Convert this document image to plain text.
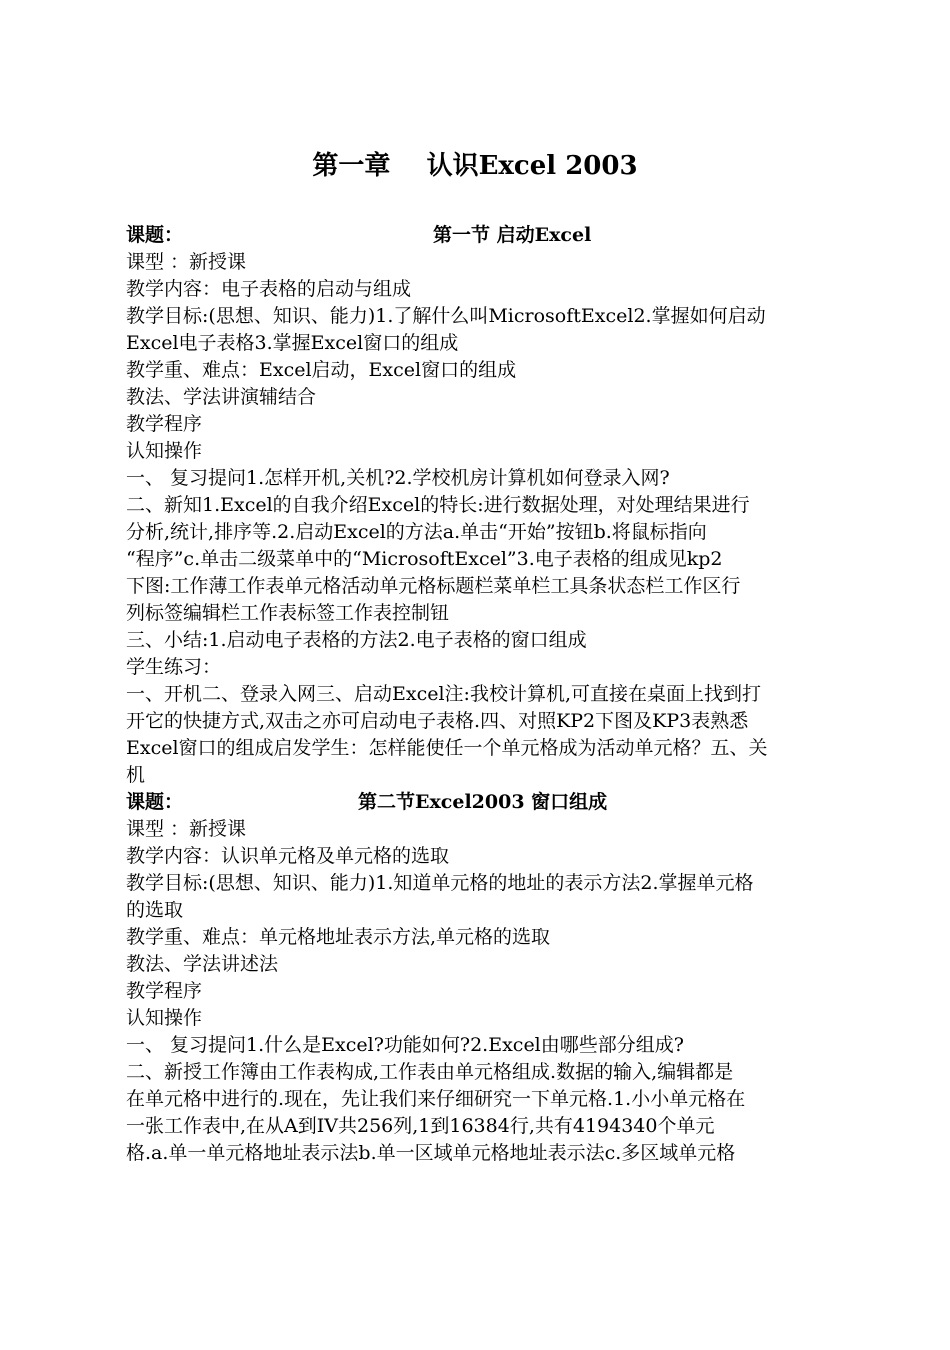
第一章    认识Excel 2003
课题：	第一节 启动Excel
课型 ：新授课
教学内容：电子表格的启动与组成
教学目标:(思想、知识、能力)1.了解什么叫MicrosoftExcel2.掌握如何启动
Excel电子表格3.掌握Excel窗口的组成
教学重、难点：Excel启动，Excel窗口的组成
教法、学法讲演辅结合
教学程序
认知操作
一、 复习提问1.怎样开机,关机?2.学校机房计算机如何登录入网?
二、新知1.Excel的自我介绍Excel的特长:进行数据处理，对处理结果进行
分析,统计,排序等.2.启动Excel的方法a.单击“开始”按钮b.将鼠标指向
“程序”c.单击二级菜单中的“MicrosoftExcel”3.电子表格的组成见kp2
下图:工作薄工作表单元格活动单元格标题栏菜单栏工具条状态栏工作区行
列标签编辑栏工作表标签工作表控制钮
三、小结:1.启动电子表格的方法2.电子表格的窗口组成
学生练习：
一、开机二、登录入网三、启动Excel注:我校计算机,可直接在桌面上找到打
开它的快捷方式,双击之亦可启动电子表格.四、对照KP2下图及KP3表熟悉
Excel窗口的组成启发学生：怎样能使任一个单元格成为活动单元格？五、关
机
课题：	第二节Excel2003 窗口组成
课型 ：新授课
教学内容：认识单元格及单元格的选取
教学目标:(思想、知识、能力)1.知道单元格的地址的表示方法2.掌握单元格
的选取
教学重、难点：单元格地址表示方法,单元格的选取
教法、学法讲述法
教学程序
认知操作
一、 复习提问1.什么是Excel?功能如何?2.Excel由哪些部分组成?
二、新授工作簿由工作表构成,工作表由单元格组成.数据的输入,编辑都是
在单元格中进行的.现在，先让我们来仔细研究一下单元格.1.小小单元格在
一张工作表中,在从A到IV共256列,1到16384行,共有4194340个单元
格.a.单一单元格地址表示法b.单一区域单元格地址表示法c.多区域单元格
